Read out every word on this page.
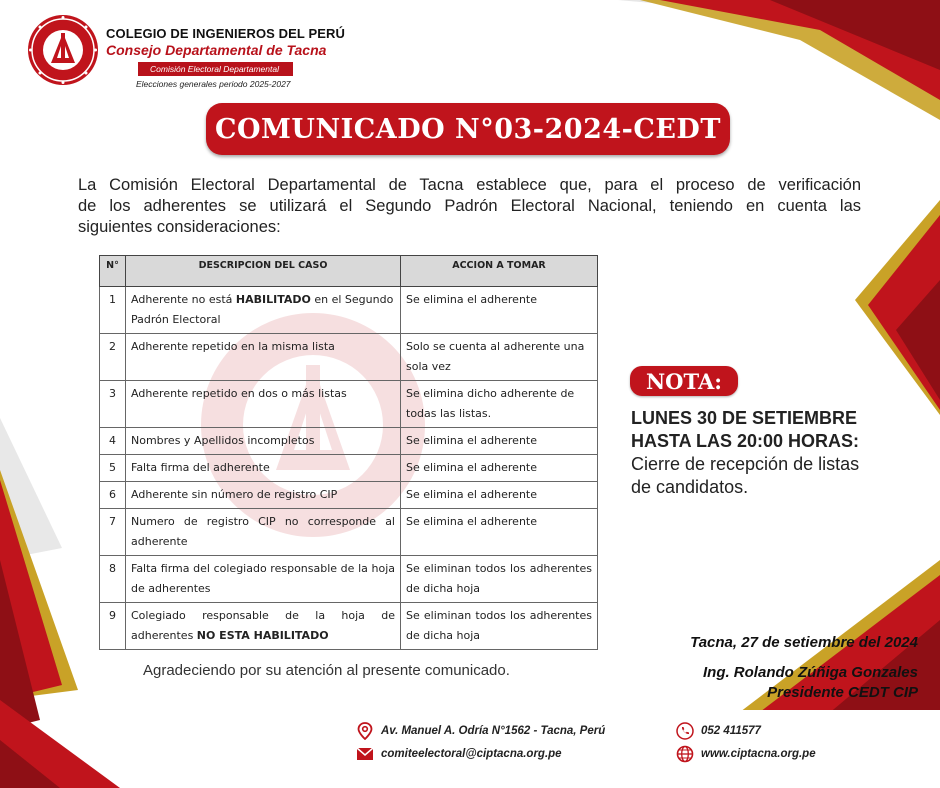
COLEGIO DE INGENIEROS DEL PERÚ
Consejo Departamental de Tacna
Comisión Electoral Departamental
Elecciones generales periodo 2025-2027
COMUNICADO N°03-2024-CEDT
La Comisión Electoral Departamental de Tacna establece que, para el proceso de verificación
de los adherentes se utilizará el Segundo Padrón Electoral Nacional, teniendo en cuenta las
siguientes consideraciones:
N°	DESCRIPCION DEL CASO	ACCION A TOMAR
1	Adherente no está HABILITADO en el Segundo Padrón Electoral	Se elimina el adherente
2	Adherente repetido en la misma lista	Solo se cuenta al adherente una sola vez
3	Adherente repetido en dos o más listas	Se elimina dicho adherente de todas las listas.
4	Nombres y Apellidos incompletos	Se elimina el adherente
5	Falta firma del adherente	Se elimina el adherente
6	Adherente sin número de registro CIP	Se elimina el adherente
7	Numero de registro CIP no corresponde al adherente	Se elimina el adherente
8	Falta firma del colegiado responsable de la hoja de adherentes	Se eliminan todos los adherentes de dicha hoja
9	Colegiado responsable de la hoja de adherentes NO ESTA HABILITADO	Se eliminan todos los adherentes de dicha hoja
NOTA:
LUNES 30 DE SETIEMBRE HASTA LAS 20:00 HORAS: Cierre de recepción de listas de candidatos.
Agradeciendo por su atención al presente comunicado.
Tacna, 27 de setiembre del 2024
Ing. Rolando Zúñiga Gonzales
Presidente CEDT CIP
Av. Manuel A. Odría N°1562 - Tacna, Perú
comiteelectoral@ciptacna.org.pe
052 411577
www.ciptacna.org.pe
